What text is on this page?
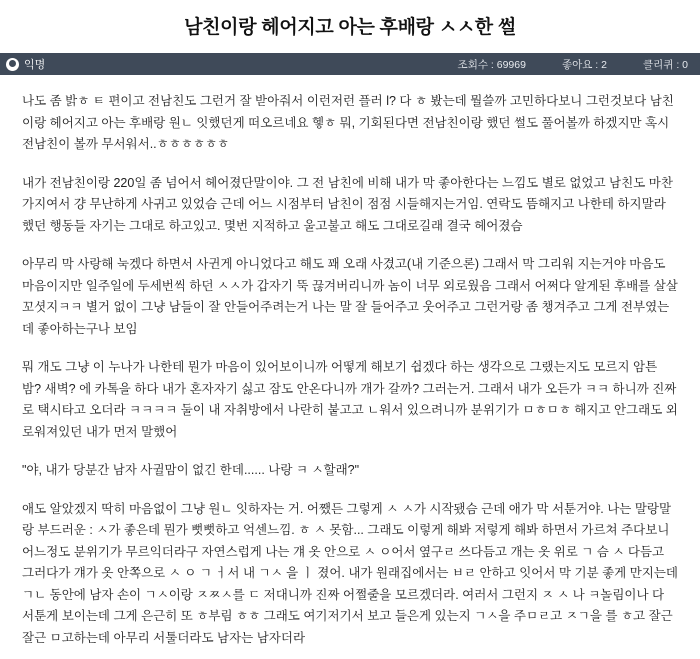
남친이랑 헤어지고 아는 후배랑 ㅅㅅ한 썰
익명	조회수 : 69969	좋아요 : 2	클리퀴 : 0

나도 좀 밝ㅎ ㅌ 편이고 전남친도 그런거 잘 받아줘서 이런저런 플러 l? 다 ㅎ 봤는데 뭘쓸까 고민하다보니 그런것보다 남친이랑 헤어지고 아는 후배랑 원ㄴ 잇했던게 떠오르네요 헿ㅎ 뭐, 기회된다면 전남친이랑 했던 썰도 풀어볼까 하겠지만 혹시 전남친이 볼까 무서워서..ㅎㅎㅎㅎㅎㅎ

내가 전남친이랑 220일 좀 넘어서 헤어졌단말이야. 그 전 남친에 비해 내가 막 좋아한다는 느낌도 별로 없었고 남친도 마찬가지여서 걍 무난하게 사귀고 있었슴 근데 어느 시점부터 남친이 점점 시들해지는거임. 연락도 뜸해지고 나한테 하지말라 했던 행동들 자기는 그대로 하고있고. 몇번 지적하고 울고불고 해도 그대로길래 결국 헤어졌슴

아무리 막 사랑해 눅겠다 하면서 사귄게 아니었다고 해도 꽤 오래 사겼고(내 기준으론) 그래서 막 그리워 지는거야 마음도 마음이지만 일주일에 두세번씩 하던 ㅅㅅ가 갑자기 뚝 끊겨버리니까 놈이 너무 외로웠음 그래서 어쩌다 알게된 후배를 살살 꼬셧지ㅋㅋ 별거 없이 그냥 남들이 잘 안들어주려는거 나는 말 잘 들어주고 웃어주고 그런거랑 좀 챙겨주고 그게 전부였는데 좋아하는구나 보임

뭐 개도 그냥 이 누나가 나한테 뭔가 마음이 있어보이니까 어떻게 해보기 쉽겠다 하는 생각으로 그랬는지도 모르지 암튼 밤? 새벽? 에 카톡을 하다 내가 혼자자기 싫고 잠도 안온다니까 개가 갈까? 그러는거. 그래서 내가 오든가 ㅋㅋ 하니까 진짜로 택시타고 오더라 ㅋㅋㅋㅋ 둘이 내 자취방에서 나란히 붙고고 ㄴ워서 있으려니까 분위기가 ㅁㅎㅁㅎ 해지고 안그래도 외로워져있던 내가 먼저 말했어

"야, 내가 당분간 남자 사귈맘이 없긴 한데...... 나랑 ㅋ ㅅ할래?"

애도 알았겠지 딱히 마음없이 그냥 원ㄴ 잇하자는 거. 어쨌든 그렇게 ㅅ ㅅ가 시작됐슴 근데 애가 막 서툰거야. 나는 말랑말랑 부드러운 : ㅅ가 좋은데 뭔가 뻣뻣하고 억센느낌. ㅎ ㅅ 못함... 그래도 이렇게 해봐 저렇게 해봐 하면서 가르쳐 주다보니 어느정도 분위기가 무르익더라구 자연스럽게 나는 걔 옷 안으로 ㅅ ㅇ어서 옆구ㄹ 쓰다듬고 개는 옷 위로 ㄱ 슴 ㅅ 다듬고 그러다가 걔가 옷 안쪽으로 ㅅ ㅇ ㄱ ㅓ서 내 ㄱㅅ 을 ㅣ 졌어. 내가 원래집에서는 ㅂㄹ 안하고 잇어서 막 기분 좋게 만지는데 ㄱㄴ 동안에 남자 손이 ㄱㅅ이랑 ㅈㅉㅅ를 ㄷ 저대니까 진짜 어쩔줄을 모르겠더라. 여러서 그런지 ㅈ ㅅ 나 ㅋ놀림이나 다 서툰게 보이는데 그게 은근히 또 ㅎ부림 ㅎㅎ 그래도 여기저기서 보고 들은게 있는지 ㄱㅅ을 주ㅁㄹ고 ㅈㄱ을 를 ㅎ고 잘근잘근 ㅁ고하는데 아무리 서툴더라도 남자는 남자더라
